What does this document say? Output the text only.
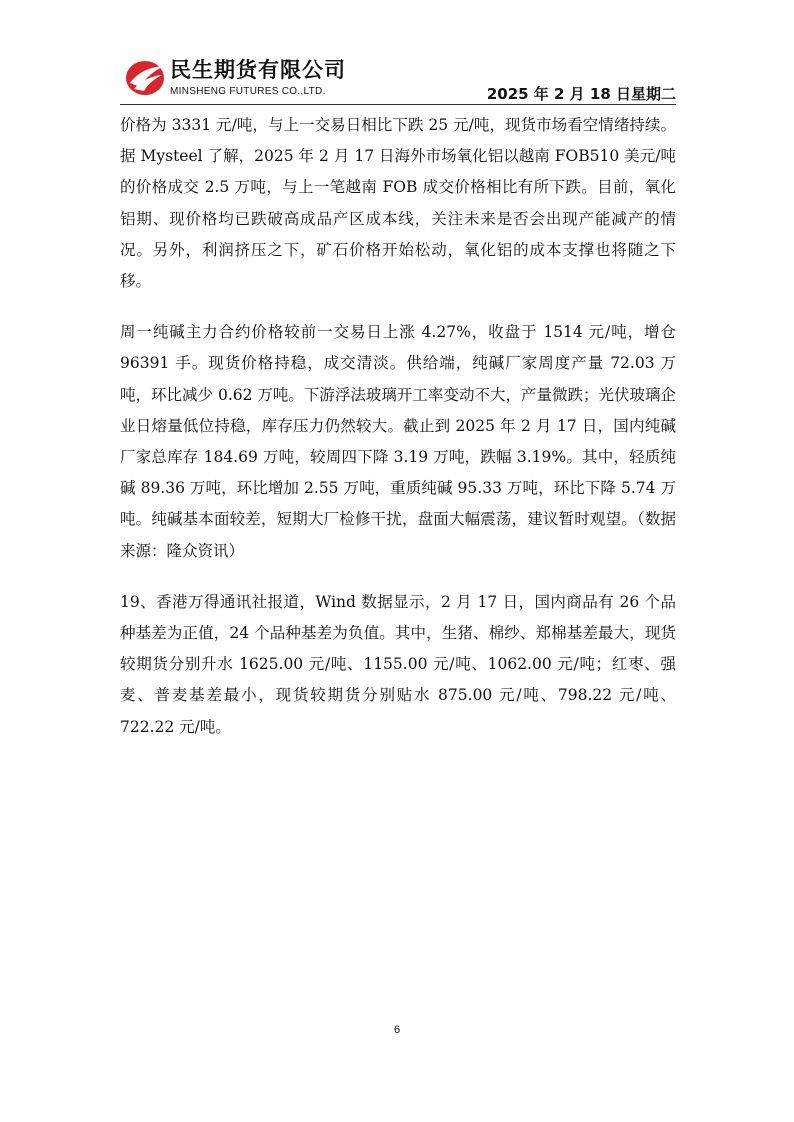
民生期货有限公司
MINSHENG FUTURES CO.,LTD.	2025 年 2 月 18 日星期二

价格为 3331 元/吨，与上一交易日相比下跌 25 元/吨，现货市场看空情绪持续。据 Mysteel 了解，2025 年 2 月 17 日海外市场氧化铝以越南 FOB510 美元/吨的价格成交 2.5 万吨，与上一笔越南 FOB 成交价格相比有所下跌。目前，氧化铝期、现价格均已跌破高成品产区成本线，关注未来是否会出现产能减产的情况。另外，利润挤压之下，矿石价格开始松动，氧化铝的成本支撑也将随之下移。

周一纯碱主力合约价格较前一交易日上涨 4.27%，收盘于 1514 元/吨，增仓 96391 手。现货价格持稳，成交清淡。供给端，纯碱厂家周度产量 72.03 万吨，环比减少 0.62 万吨。下游浮法玻璃开工率变动不大，产量微跌；光伏玻璃企业日熔量低位持稳，库存压力仍然较大。截止到 2025 年 2 月 17 日，国内纯碱厂家总库存 184.69 万吨，较周四下降 3.19 万吨，跌幅 3.19%。其中，轻质纯碱 89.36 万吨，环比增加 2.55 万吨，重质纯碱 95.33 万吨，环比下降 5.74 万吨。纯碱基本面较差，短期大厂检修干扰，盘面大幅震荡，建议暂时观望。（数据来源：隆众资讯）

19、香港万得通讯社报道，Wind 数据显示，2 月 17 日，国内商品有 26 个品种基差为正值，24 个品种基差为负值。其中，生猪、棉纱、郑棉基差最大，现货较期货分别升水 1625.00 元/吨、1155.00 元/吨、1062.00 元/吨；红枣、强麦、普麦基差最小，现货较期货分别贴水 875.00 元/吨、798.22 元/吨、722.22 元/吨。

6
